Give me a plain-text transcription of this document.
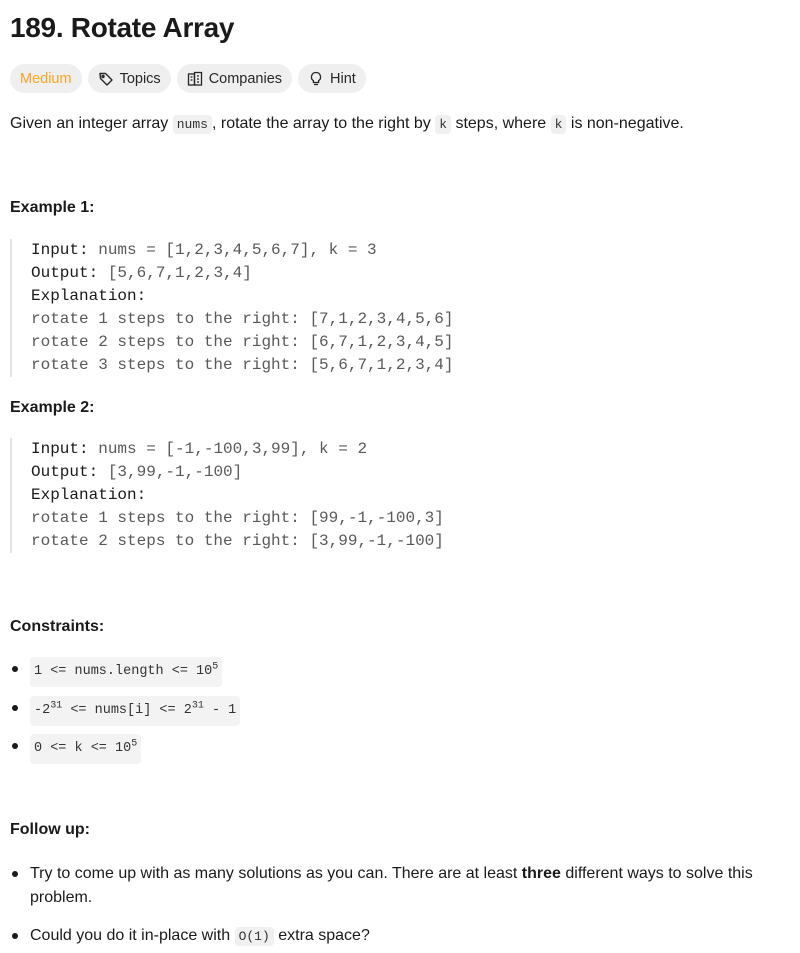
189. Rotate Array
Medium	Topics	Companies	Hint

Given an integer array nums , rotate the array to the right by k steps, where k is non-negative.

Example 1:
Input: nums = [1,2,3,4,5,6,7], k = 3
Output: [5,6,7,1,2,3,4]
Explanation:
rotate 1 steps to the right: [7,1,2,3,4,5,6]
rotate 2 steps to the right: [6,7,1,2,3,4,5]
rotate 3 steps to the right: [5,6,7,1,2,3,4]
Example 2:
Input: nums = [-1,-100,3,99], k = 2
Output: [3,99,-1,-100]
Explanation:
rotate 1 steps to the right: [99,-1,-100,3]
rotate 2 steps to the right: [3,99,-1,-100]
Constraints:
1 <= nums.length <= $10^5$
$-2^{31}$ <= nums[i] <= $2^{31} - 1$
$0 <= k <= 10^5$
Follow up:
Try to come up with as many solutions as you can. There are at least three different ways to solve this problem.
Could you do it in-place with O(1) extra space?
